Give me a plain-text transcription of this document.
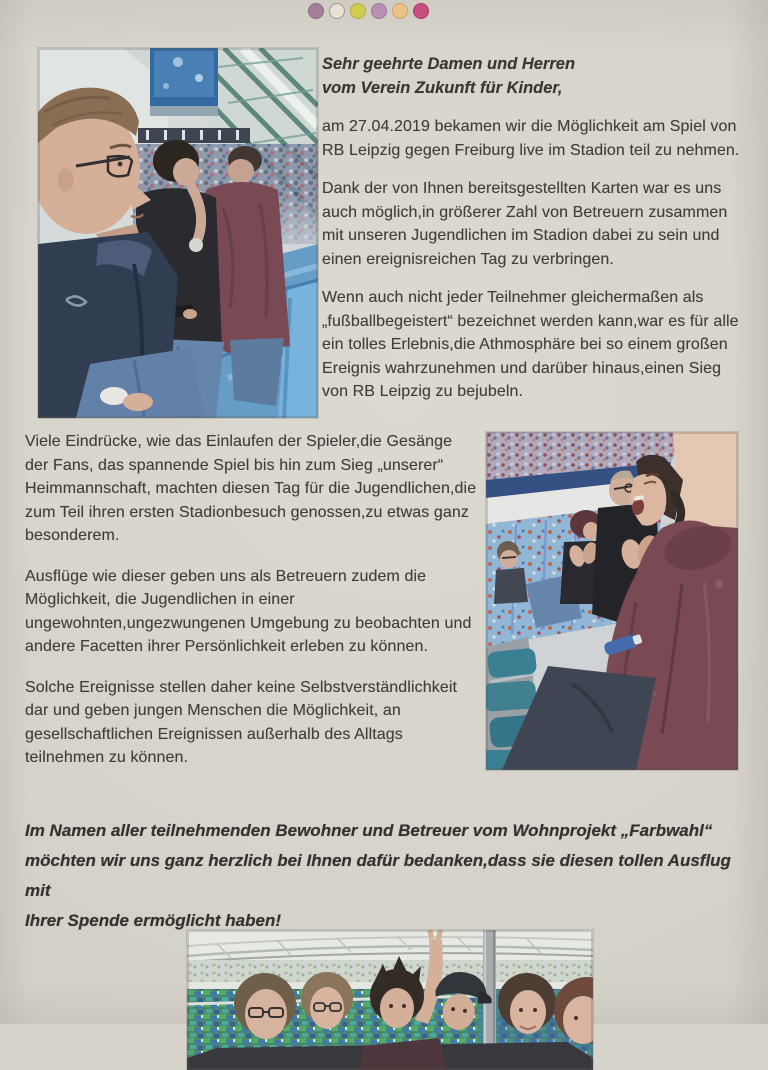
Sehr geehrte Damen und Herren
vom Verein Zukunft für Kinder,

am 27.04.2019 bekamen wir die Möglichkeit am Spiel von RB Leipzig gegen Freiburg live im Stadion teil zu nehmen.

Dank der von Ihnen bereitsgestellten Karten war es uns auch möglich,in größerer Zahl von Betreuern zusammen mit unseren Jugendlichen im Stadion dabei zu sein und einen ereignisreichen Tag zu verbringen.

Wenn auch nicht jeder Teilnehmer gleichermaßen als „fußballbegeistert“ bezeichnet werden kann,war es für alle ein tolles Erlebnis,die Athmosphäre bei so einem großen Ereignis wahrzunehmen und darüber hinaus,einen Sieg von RB Leipzig zu bejubeln.

Viele Eindrücke, wie das Einlaufen der Spieler,die Gesänge der Fans, das spannende Spiel bis hin zum Sieg „unserer“ Heimmannschaft, machten diesen Tag für die Jugendlichen,die zum Teil ihren ersten Stadionbesuch genossen,zu etwas ganz besonderem.

Ausflüge wie dieser geben uns als Betreuern zudem die Möglichkeit, die Jugendlichen in einer ungewohnten,ungezwungenen Umgebung zu beobachten und andere Facetten ihrer Persönlichkeit erleben zu können.

Solche Ereignisse stellen daher keine Selbstverständlichkeit dar und geben jungen Menschen die Möglichkeit, an gesellschaftlichen Ereignissen außerhalb des Alltags teilnehmen zu können.

Im Namen aller teilnehmenden Bewohner und Betreuer vom Wohnprojekt „Farbwahl“
möchten wir uns ganz herzlich bei Ihnen dafür bedanken,dass sie diesen tollen Ausflug mit
Ihrer Spende ermöglicht haben!
